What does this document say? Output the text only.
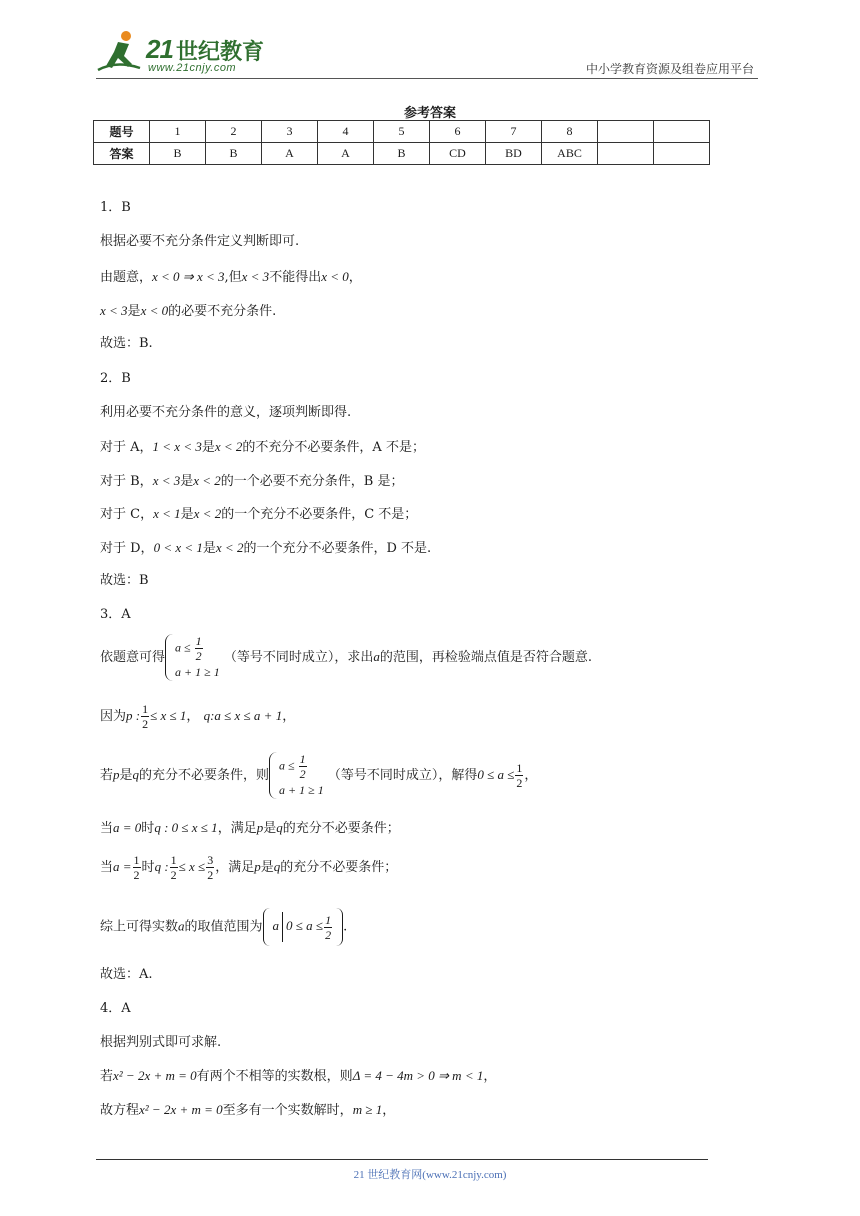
21 世纪教育
www.21cnjy.com	中小学教育资源及组卷应用平台
参考答案
题号	1	2	3	4	5	6	7	8		
答案	B	B	A	A	B	CD	BD	ABC		
1．B
根据必要不充分条件定义判断即可.
由题意，x < 0 ⇒ x < 3,但x < 3不能得出x < 0，
x < 3是x < 0的必要不充分条件.
故选：B.
2．B
利用必要不充分条件的意义，逐项判断即得.
对于 A，1 < x < 3是x < 2的不充分不必要条件，A 不是；
对于 B，x < 3是x < 2的一个必要不充分条件，B 是；
对于 C，x < 1是x < 2的一个充分不必要条件，C 不是；
对于 D，0 < x < 1是x < 2的一个充分不必要条件，D 不是.
故选：B
3．A
依题意可得
$a \le \frac{1}{2}$
a + 1 ≥ 1
（等号不同时成立），求出a的范围，再检验端点值是否符合题意.
因为p : $\frac{1}{2} \le x \le 1$， q:a ≤ x ≤ a + 1，
若p是q的充分不必要条件，则
$a \le \frac{1}{2}$
a + 1 ≥ 1
（等号不同时成立），解得$0 \le a \le \frac{1}{2}$ ，
当a = 0时q : 0 ≤ x ≤ 1，满足p是q的充分不必要条件；
当$a = \frac{1}{2}$ 时q : $\frac{1}{2} \le x \le \frac{3}{2}$ ，满足p是q的充分不必要条件；
综上可得实数a的取值范围为 a $0 \le a \le \frac{1}{2}$ .
故选：A.
4．A
根据判别式即可求解.
若x² − 2x + m = 0有两个不相等的实数根，则Δ = 4 − 4m > 0 ⇒ m < 1，
故方程x² − 2x + m = 0至多有一个实数解时，m ≥ 1，
21 世纪教育网(www.21cnjy.com)
